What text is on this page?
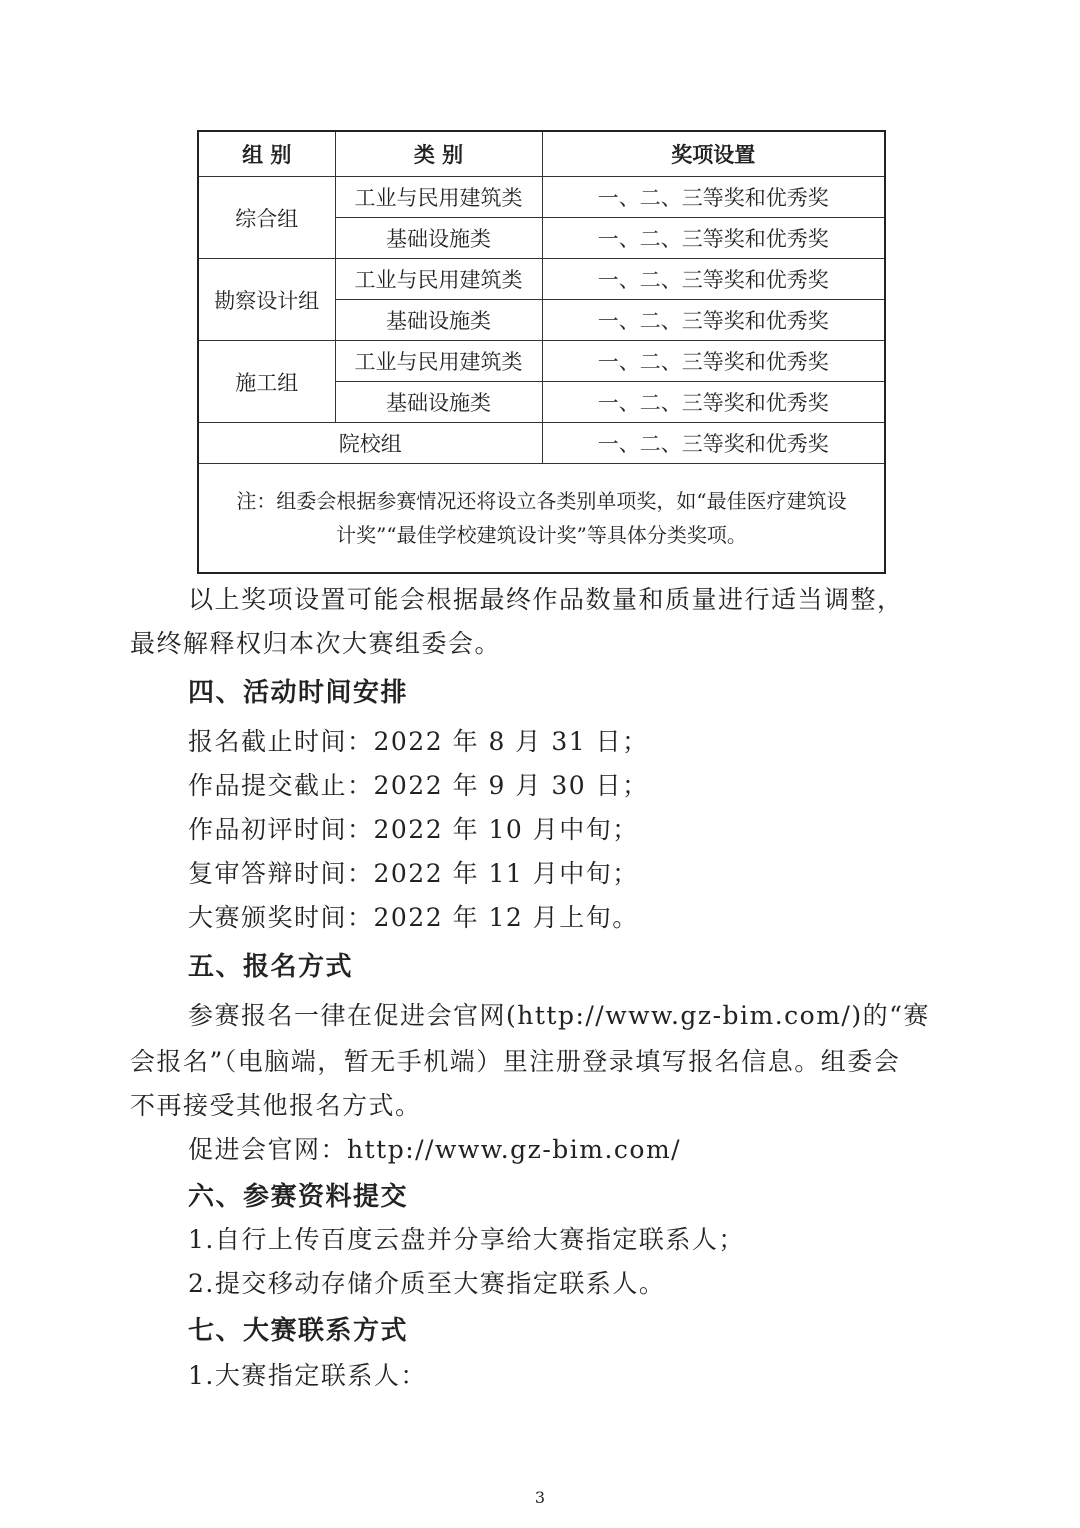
组 别	类 别	奖项设置
综合组	工业与民用建筑类	一、二、三等奖和优秀奖
	基础设施类	一、二、三等奖和优秀奖
勘察设计组	工业与民用建筑类	一、二、三等奖和优秀奖
	基础设施类	一、二、三等奖和优秀奖
施工组	工业与民用建筑类	一、二、三等奖和优秀奖
	基础设施类	一、二、三等奖和优秀奖
院校组		一、二、三等奖和优秀奖

注：组委会根据参赛情况还将设立各类别单项奖，如“最佳医疗建筑设
计奖”“最佳学校建筑设计奖”等具体分类奖项。		

以上奖项设置可能会根据最终作品数量和质量进行适当调整，

最终解释权归本次大赛组委会。

四、活动时间安排

报名截止时间：2022 年 8 月 31 日；

作品提交截止：2022 年 9 月 30 日；

作品初评时间：2022 年 10 月中旬；

复审答辩时间：2022 年 11 月中旬；

大赛颁奖时间：2022 年 12 月上旬。

五、报名方式

参赛报名一律在促进会官网(http://www.gz-bim.com/)的“赛

会报名”（电脑端，暂无手机端）里注册登录填写报名信息。组委会

不再接受其他报名方式。

促进会官网：http://www.gz-bim.com/

六、参赛资料提交

1.自行上传百度云盘并分享给大赛指定联系人；

2.提交移动存储介质至大赛指定联系人。

七、大赛联系方式

1.大赛指定联系人：

3
